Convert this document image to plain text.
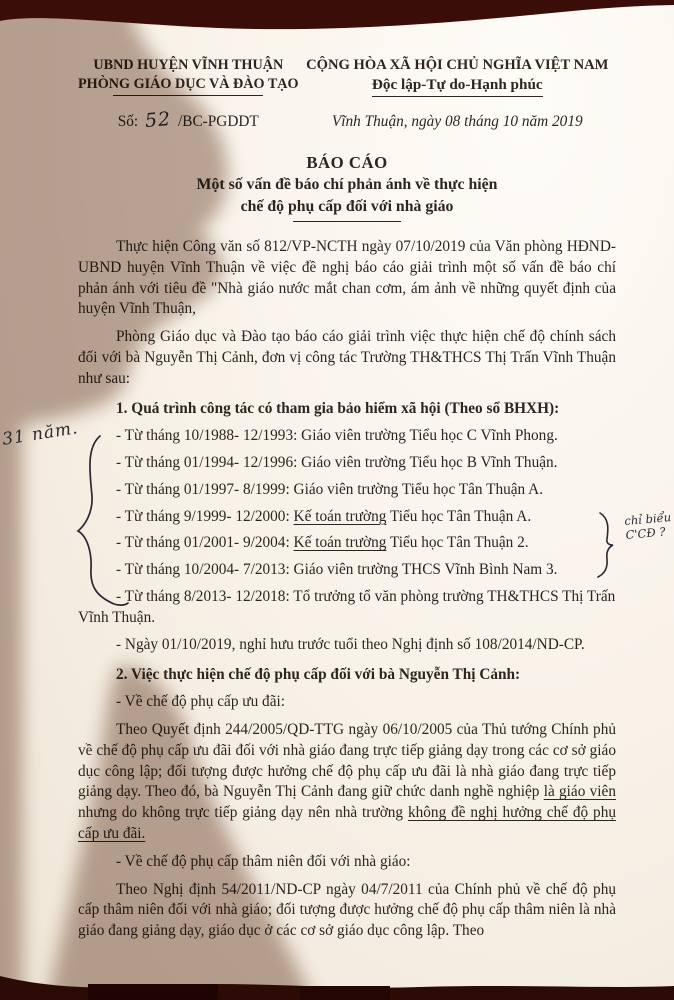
UBND HUYỆN VĨNH THUẬN
PHÒNG GIÁO DỤC VÀ ĐÀO TẠO
CỘNG HÒA XÃ HỘI CHỦ NGHĨA VIỆT NAM
Độc lập-Tự do-Hạnh phúc
Số: 52 /BC-PGDDT	Vĩnh Thuận, ngày 08 tháng 10 năm 2019
BÁO CÁO
Một số vấn đề báo chí phản ánh về thực hiện
chế độ phụ cấp đối với nhà giáo

Thực hiện Công văn số 812/VP-NCTH ngày 07/10/2019 của Văn phòng HĐND-UBND huyện Vĩnh Thuận về việc đề nghị báo cáo giải trình một số vấn đề báo chí phản ánh với tiêu đề "Nhà giáo nước mắt chan cơm, ám ảnh về những quyết định của huyện Vĩnh Thuận,

Phòng Giáo dục và Đào tạo báo cáo giải trình việc thực hiện chế độ chính sách đối với bà Nguyễn Thị Cảnh, đơn vị công tác Trường TH&THCS Thị Trấn Vĩnh Thuận như sau:

1. Quá trình công tác có tham gia bảo hiểm xã hội (Theo sổ BHXH):
- Từ tháng 10/1988- 12/1993: Giáo viên trường Tiểu học C Vĩnh Phong.
- Từ tháng 01/1994- 12/1996: Giáo viên trường Tiểu học B Vĩnh Thuận.
- Từ tháng 01/1997- 8/1999: Giáo viên trường Tiểu học Tân Thuận A.
- Từ tháng 9/1999- 12/2000: Kế toán trường Tiểu học Tân Thuận A.
- Từ tháng 01/2001- 9/2004: Kế toán trường Tiểu học Tân Thuận 2.
- Từ tháng 10/2004- 7/2013: Giáo viên trường THCS Vĩnh Bình Nam 3.
- Từ tháng 8/2013- 12/2018: Tổ trưởng tổ văn phòng trường TH&THCS Thị Trấn Vĩnh Thuận.
- Ngày 01/10/2019, nghỉ hưu trước tuổi theo Nghị định số 108/2014/ND-CP.
2. Việc thực hiện chế độ phụ cấp đối với bà Nguyễn Thị Cảnh:
- Về chế độ phụ cấp ưu đãi:

Theo Quyết định 244/2005/QD-TTG ngày 06/10/2005 của Thủ tướng Chính phủ về chế độ phụ cấp ưu đãi đối với nhà giáo đang trực tiếp giảng dạy trong các cơ sở giáo dục công lập; đối tượng được hưởng chế độ phụ cấp ưu đãi là nhà giáo đang trực tiếp giảng dạy. Theo đó, bà Nguyễn Thị Cảnh đang giữ chức danh nghề nghiệp là giáo viên nhưng do không trực tiếp giảng dạy nên nhà trường không đề nghị hưởng chế độ phụ cấp ưu đãi.

- Về chế độ phụ cấp thâm niên đối với nhà giáo:

Theo Nghị định 54/2011/ND-CP ngày 04/7/2011 của Chính phủ về chế độ phụ cấp thâm niên đối với nhà giáo; đối tượng được hưởng chế độ phụ cấp thâm niên là nhà giáo đang giảng dạy, giáo dục ở các cơ sở giáo dục công lập. Theo

31 năm.
chỉ biểu
C'CĐ ?
